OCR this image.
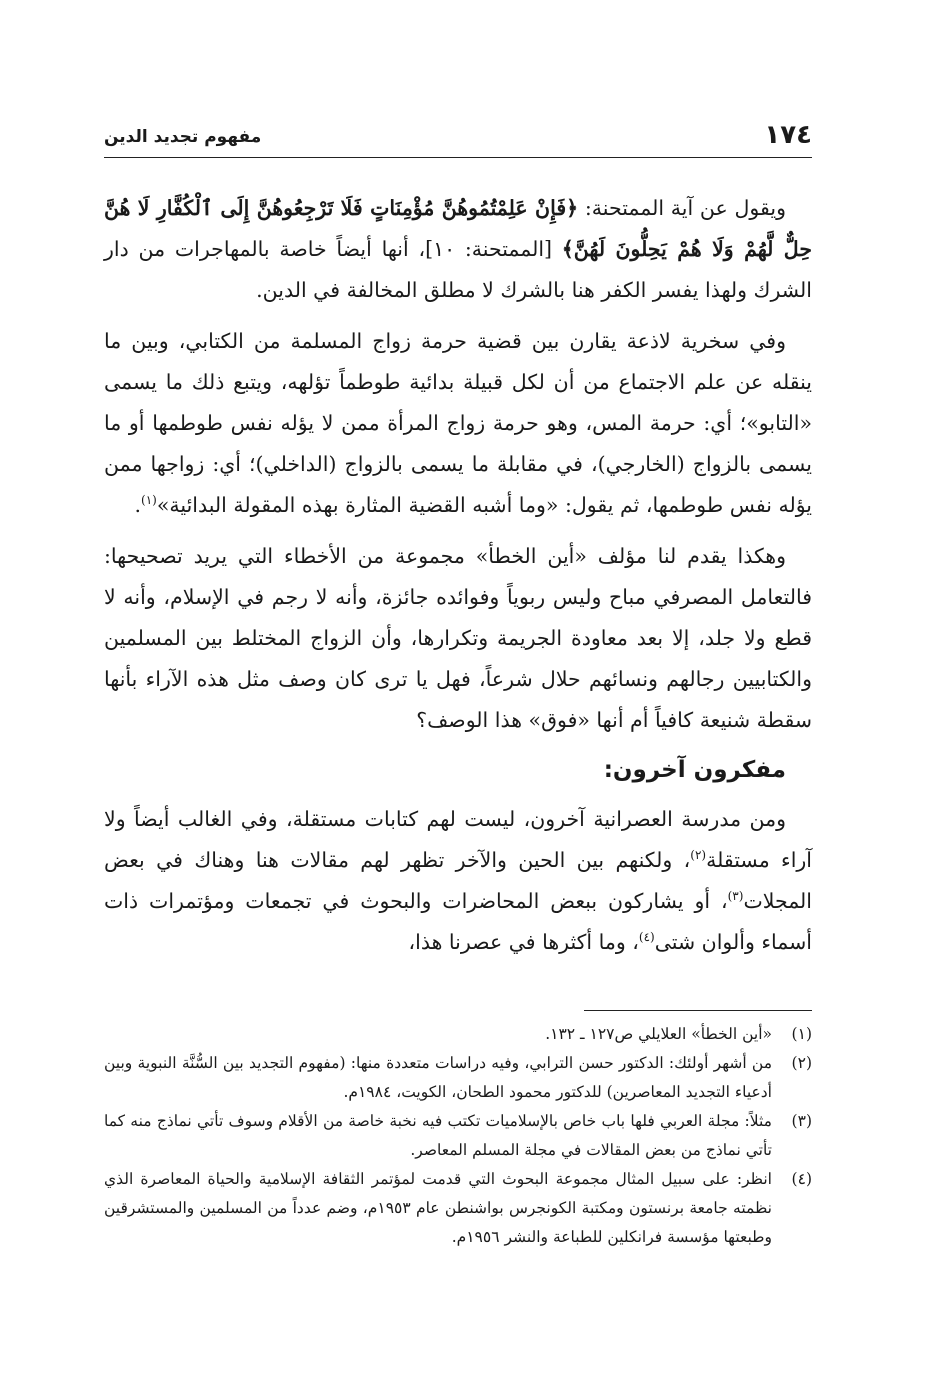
١٧٤
مفهوم تجديد الدين

ويقول عن آية الممتحنة: ﴿فَإِنْ عَلِمْتُمُوهُنَّ مُؤْمِنَاتٍ فَلَا تَرْجِعُوهُنَّ إِلَى ٱلْكُفَّارِ لَا هُنَّ حِلٌّ لَّهُمْ وَلَا هُمْ يَحِلُّونَ لَهُنَّ﴾ [الممتحنة: ١٠]، أنها أيضاً خاصة بالمهاجرات من دار الشرك ولهذا يفسر الكفر هنا بالشرك لا مطلق المخالفة في الدين.

وفي سخرية لاذعة يقارن بين قضية حرمة زواج المسلمة من الكتابي، وبين ما ينقله عن علم الاجتماع من أن لكل قبيلة بدائية طوطماً تؤلهه، ويتبع ذلك ما يسمى «التابو»؛ أي: حرمة المس، وهو حرمة زواج المرأة ممن لا يؤله نفس طوطمها أو ما يسمى بالزواج (الخارجي)، في مقابلة ما يسمى بالزواج (الداخلي)؛ أي: زواجها ممن يؤله نفس طوطمها، ثم يقول: «وما أشبه القضية المثارة بهذه المقولة البدائية»$^{(١)}$.

وهكذا يقدم لنا مؤلف «أين الخطأ» مجموعة من الأخطاء التي يريد تصحيحها: فالتعامل المصرفي مباح وليس ربوياً وفوائده جائزة، وأنه لا رجم في الإسلام، وأنه لا قطع ولا جلد، إلا بعد معاودة الجريمة وتكرارها، وأن الزواج المختلط بين المسلمين والكتابيين رجالهم ونسائهم حلال شرعاً، فهل يا ترى كان وصف مثل هذه الآراء بأنها سقطة شنيعة كافياً أم أنها «فوق» هذا الوصف؟

مفكرون آخرون:

ومن مدرسة العصرانية آخرون، ليست لهم كتابات مستقلة، وفي الغالب أيضاً ولا آراء مستقلة$^{(٢)}$، ولكنهم بين الحين والآخر تظهر لهم مقالات هنا وهناك في بعض المجلات$^{(٣)}$، أو يشاركون ببعض المحاضرات والبحوث في تجمعات ومؤتمرات ذات أسماء وألوان شتى$^{(٤)}$، وما أكثرها في عصرنا هذا،

(١)
«أين الخطأ» العلايلي ص١٢٧ ـ ١٣٢.
(٢)
من أشهر أولئك: الدكتور حسن الترابي، وفيه دراسات متعددة منها: (مفهوم التجديد بين السُّنَّة النبوية وبين أدعياء التجديد المعاصرين) للدكتور محمود الطحان، الكويت، ١٩٨٤م.
(٣)
مثلاً: مجلة العربي فلها باب خاص بالإسلاميات تكتب فيه نخبة خاصة من الأقلام وسوف تأتي نماذج منه كما تأتي نماذج من بعض المقالات في مجلة المسلم المعاصر.
(٤)
انظر: على سبيل المثال مجموعة البحوث التي قدمت لمؤتمر الثقافة الإسلامية والحياة المعاصرة الذي نظمته جامعة برنستون ومكتبة الكونجرس بواشنطن عام ١٩٥٣م، وضم عدداً من المسلمين والمستشرقين وطبعتها مؤسسة فرانكلين للطباعة والنشر ١٩٥٦م.
